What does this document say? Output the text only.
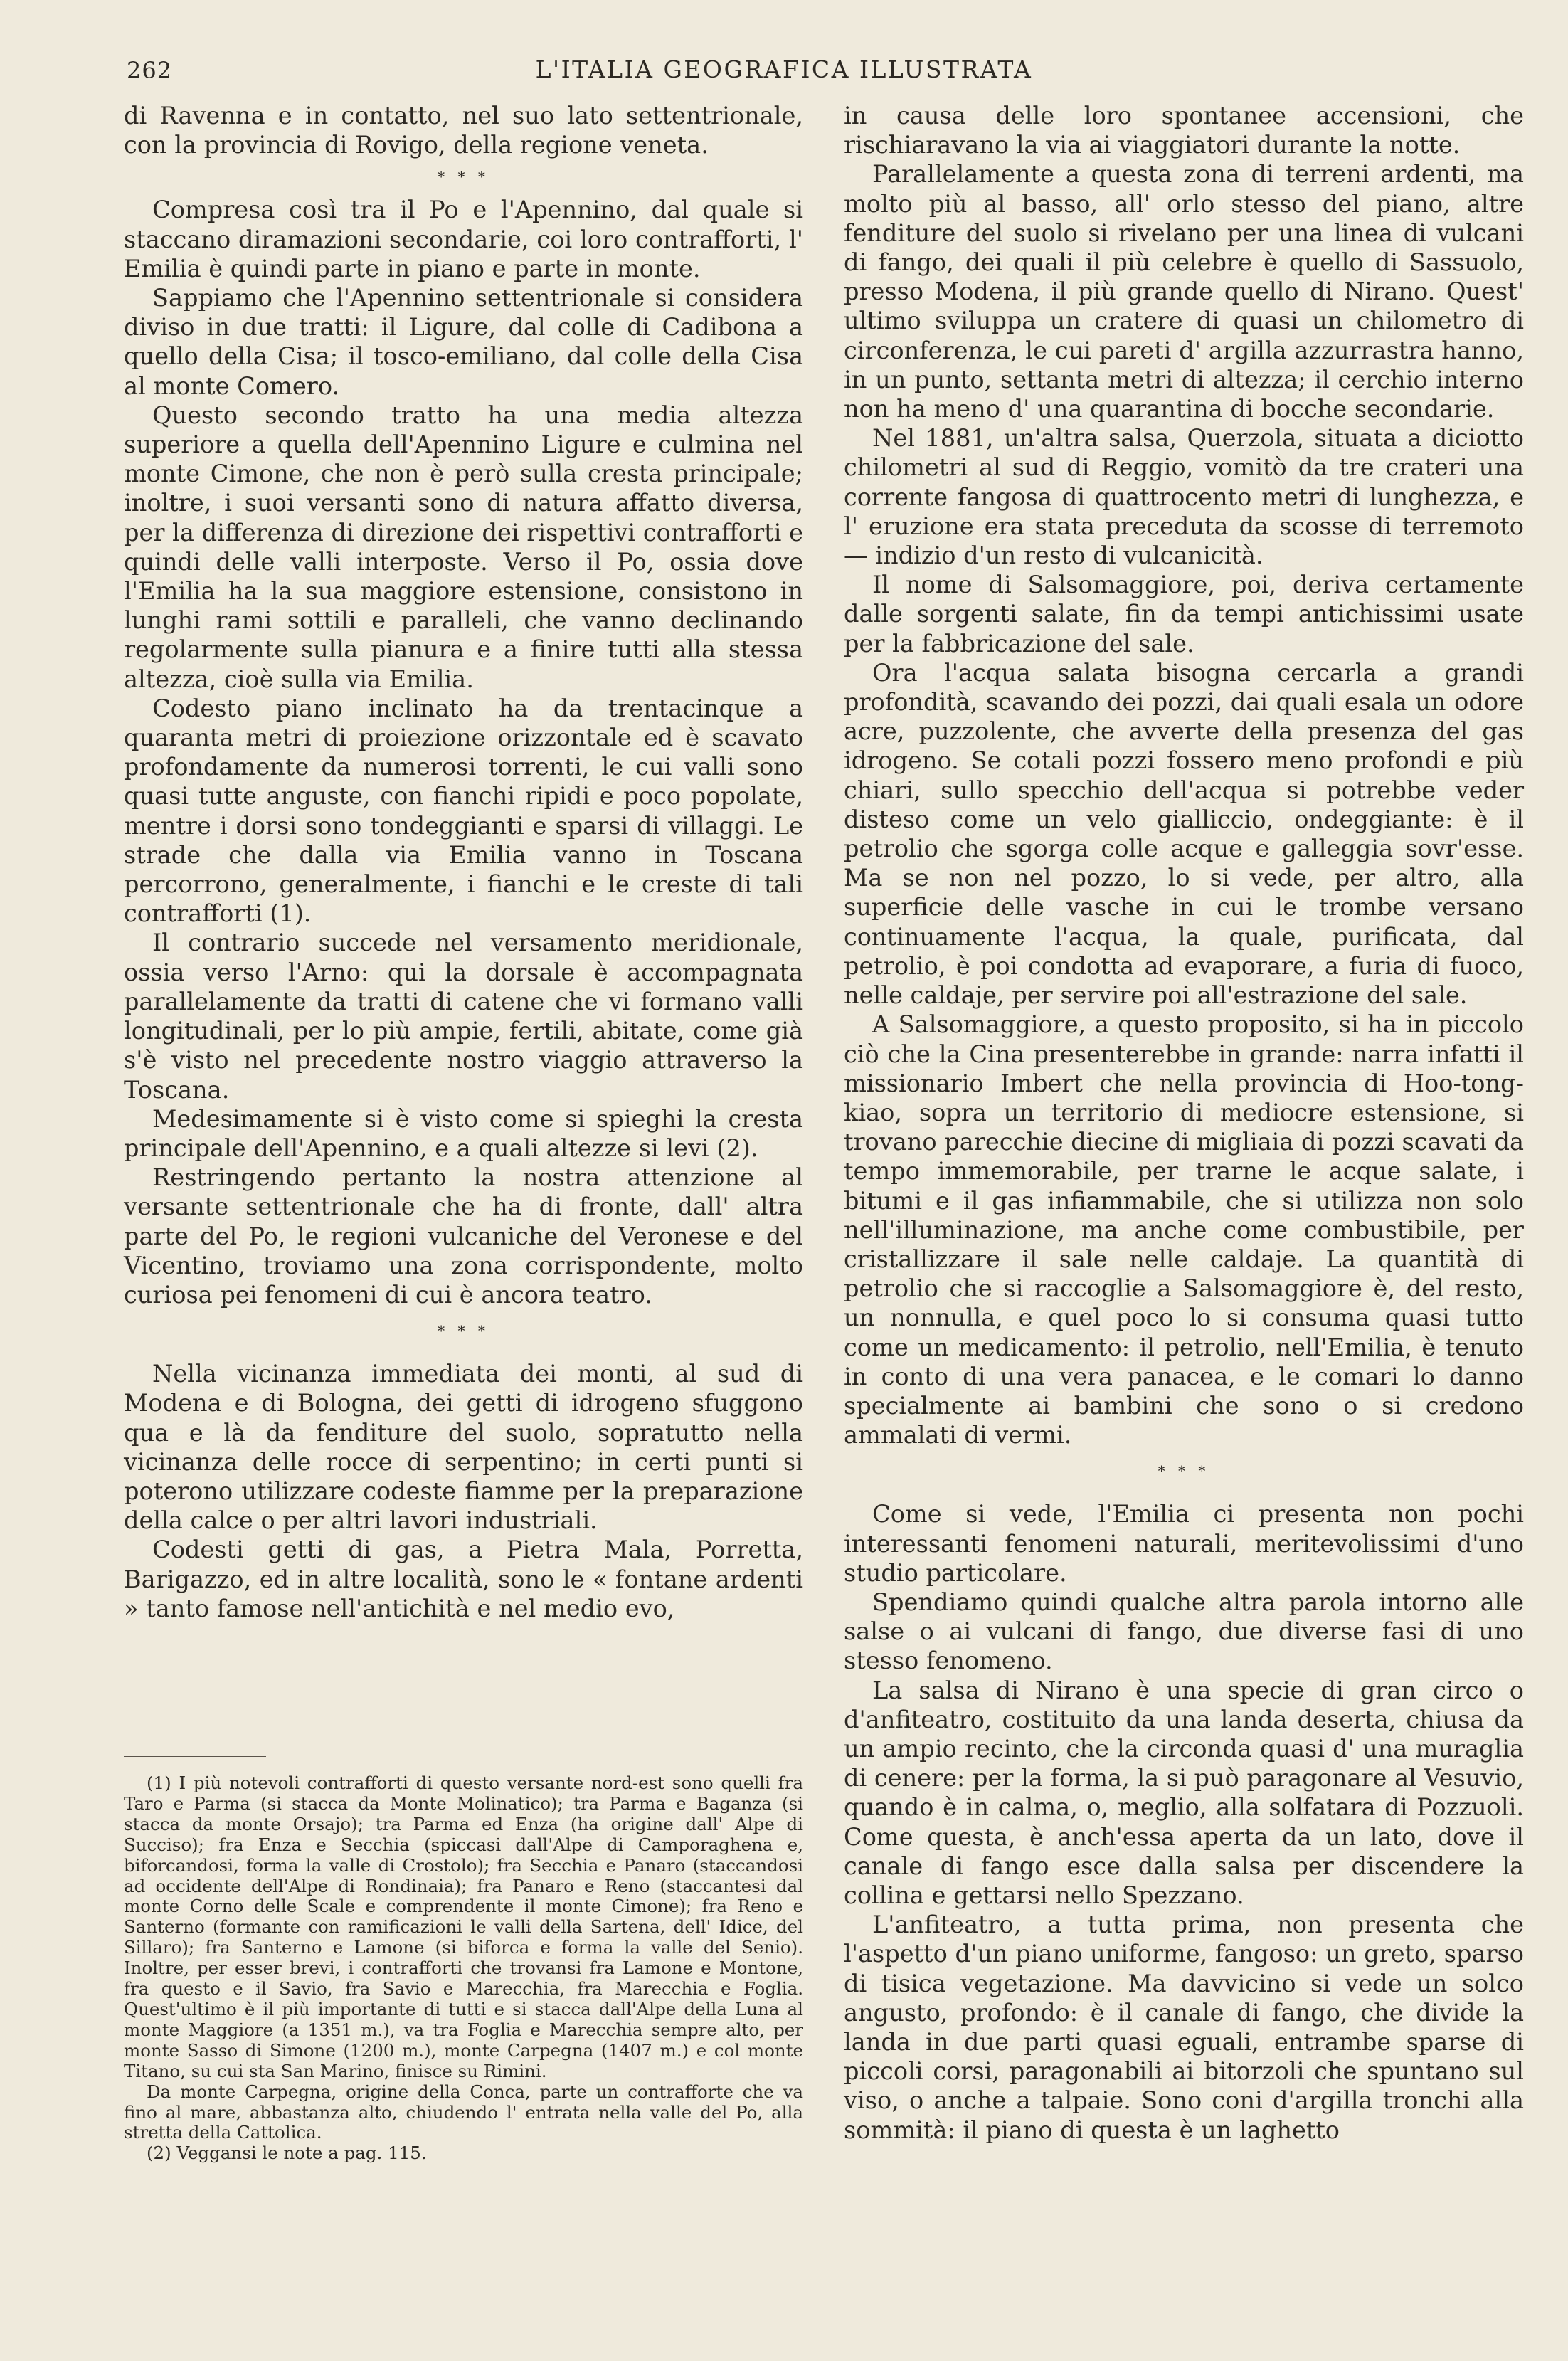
262	L'ITALIA GEOGRAFICA ILLUSTRATA

di Ravenna e in contatto, nel suo lato settentrionale, con la provincia di Rovigo, della regione veneta.

* * *

Compresa così tra il Po e l'Apennino, dal quale si staccano diramazioni secondarie, coi loro contrafforti, l' Emilia è quindi parte in piano e parte in monte.

Sappiamo che l'Apennino settentrionale si considera diviso in due tratti: il Ligure, dal colle di Cadibona a quello della Cisa; il tosco-emiliano, dal colle della Cisa al monte Comero.

Questo secondo tratto ha una media altezza superiore a quella dell'Apennino Ligure e culmina nel monte Cimone, che non è però sulla cresta principale; inoltre, i suoi versanti sono di natura affatto diversa, per la differenza di direzione dei rispettivi contrafforti e quindi delle valli interposte. Verso il Po, ossia dove l'Emilia ha la sua maggiore estensione, consistono in lunghi rami sottili e paralleli, che vanno declinando regolarmente sulla pianura e a finire tutti alla stessa altezza, cioè sulla via Emilia.

Codesto piano inclinato ha da trentacinque a quaranta metri di proiezione orizzontale ed è scavato profondamente da numerosi torrenti, le cui valli sono quasi tutte anguste, con fianchi ripidi e poco popolate, mentre i dorsi sono tondeggianti e sparsi di villaggi. Le strade che dalla via Emilia vanno in Toscana percorrono, generalmente, i fianchi e le creste di tali contrafforti (1).

Il contrario succede nel versamento meridionale, ossia verso l'Arno: qui la dorsale è accompagnata parallelamente da tratti di catene che vi formano valli longitudinali, per lo più ampie, fertili, abitate, come già s'è visto nel precedente nostro viaggio attraverso la Toscana.

Medesimamente si è visto come si spieghi la cresta principale dell'Apennino, e a quali altezze si levi (2).

Restringendo pertanto la nostra attenzione al versante settentrionale che ha di fronte, dall' altra parte del Po, le regioni vulcaniche del Veronese e del Vicentino, troviamo una zona corrispondente, molto curiosa pei fenomeni di cui è ancora teatro.

* * *

Nella vicinanza immediata dei monti, al sud di Modena e di Bologna, dei getti di idrogeno sfuggono qua e là da fenditure del suolo, sopratutto nella vicinanza delle rocce di serpentino; in certi punti si poterono utilizzare codeste fiamme per la preparazione della calce o per altri lavori industriali.

Codesti getti di gas, a Pietra Mala, Porretta, Barigazzo, ed in altre località, sono le « fontane ardenti » tanto famose nell'antichità e nel medio evo,

(1) I più notevoli contrafforti di questo versante nord-est sono quelli fra Taro e Parma (si stacca da Monte Molinatico); tra Parma e Baganza (si stacca da monte Orsajo); tra Parma ed Enza (ha origine dall' Alpe di Succiso); fra Enza e Secchia (spiccasi dall'Alpe di Camporaghena e, biforcandosi, forma la valle di Crostolo); fra Secchia e Panaro (staccandosi ad occidente dell'Alpe di Rondinaia); fra Panaro e Reno (staccantesi dal monte Corno delle Scale e comprendente il monte Cimone); fra Reno e Santerno (formante con ramificazioni le valli della Sartena, dell' Idice, del Sillaro); fra Santerno e Lamone (si biforca e forma la valle del Senio). Inoltre, per esser brevi, i contrafforti che trovansi fra Lamone e Montone, fra questo e il Savio, fra Savio e Marecchia, fra Marecchia e Foglia. Quest'ultimo è il più importante di tutti e si stacca dall'Alpe della Luna al monte Maggiore (a 1351 m.), va tra Foglia e Marecchia sempre alto, per monte Sasso di Simone (1200 m.), monte Carpegna (1407 m.) e col monte Titano, su cui sta San Marino, finisce su Rimini.

Da monte Carpegna, origine della Conca, parte un contrafforte che va fino al mare, abbastanza alto, chiudendo l' entrata nella valle del Po, alla stretta della Cattolica.

(2) Veggansi le note a pag. 115.

in causa delle loro spontanee accensioni, che rischiaravano la via ai viaggiatori durante la notte.

Parallelamente a questa zona di terreni ardenti, ma molto più al basso, all' orlo stesso del piano, altre fenditure del suolo si rivelano per una linea di vulcani di fango, dei quali il più celebre è quello di Sassuolo, presso Modena, il più grande quello di Nirano. Quest' ultimo sviluppa un cratere di quasi un chilometro di circonferenza, le cui pareti d' argilla azzurrastra hanno, in un punto, settanta metri di altezza; il cerchio interno non ha meno d' una quarantina di bocche secondarie.

Nel 1881, un'altra salsa, Querzola, situata a diciotto chilometri al sud di Reggio, vomitò da tre crateri una corrente fangosa di quattrocento metri di lunghezza, e l' eruzione era stata preceduta da scosse di terremoto — indizio d'un resto di vulcanicità.

Il nome di Salsomaggiore, poi, deriva certamente dalle sorgenti salate, fin da tempi antichissimi usate per la fabbricazione del sale.

Ora l'acqua salata bisogna cercarla a grandi profondità, scavando dei pozzi, dai quali esala un odore acre, puzzolente, che avverte della presenza del gas idrogeno. Se cotali pozzi fossero meno profondi e più chiari, sullo specchio dell'acqua si potrebbe veder disteso come un velo gialliccio, ondeggiante: è il petrolio che sgorga colle acque e galleggia sovr'esse. Ma se non nel pozzo, lo si vede, per altro, alla superficie delle vasche in cui le trombe versano continuamente l'acqua, la quale, purificata, dal petrolio, è poi condotta ad evaporare, a furia di fuoco, nelle caldaje, per servire poi all'estrazione del sale.

A Salsomaggiore, a questo proposito, si ha in piccolo ciò che la Cina presenterebbe in grande: narra infatti il missionario Imbert che nella provincia di Hoo-tong-kiao, sopra un territorio di mediocre estensione, si trovano parecchie diecine di migliaia di pozzi scavati da tempo immemorabile, per trarne le acque salate, i bitumi e il gas infiammabile, che si utilizza non solo nell'illuminazione, ma anche come combustibile, per cristallizzare il sale nelle caldaje. La quantità di petrolio che si raccoglie a Salsomaggiore è, del resto, un nonnulla, e quel poco lo si consuma quasi tutto come un medicamento: il petrolio, nell'Emilia, è tenuto in conto di una vera panacea, e le comari lo danno specialmente ai bambini che sono o si credono ammalati di vermi.

* * *

Come si vede, l'Emilia ci presenta non pochi interessanti fenomeni naturali, meritevolissimi d'uno studio particolare.

Spendiamo quindi qualche altra parola intorno alle salse o ai vulcani di fango, due diverse fasi di uno stesso fenomeno.

La salsa di Nirano è una specie di gran circo o d'anfiteatro, costituito da una landa deserta, chiusa da un ampio recinto, che la circonda quasi d' una muraglia di cenere: per la forma, la si può paragonare al Vesuvio, quando è in calma, o, meglio, alla solfatara di Pozzuoli. Come questa, è anch'essa aperta da un lato, dove il canale di fango esce dalla salsa per discendere la collina e gettarsi nello Spezzano.

L'anfiteatro, a tutta prima, non presenta che l'aspetto d'un piano uniforme, fangoso: un greto, sparso di tisica vegetazione. Ma davvicino si vede un solco angusto, profondo: è il canale di fango, che divide la landa in due parti quasi eguali, entrambe sparse di piccoli corsi, paragonabili ai bitorzoli che spuntano sul viso, o anche a talpaie. Sono coni d'argilla tronchi alla sommità: il piano di questa è un laghetto
